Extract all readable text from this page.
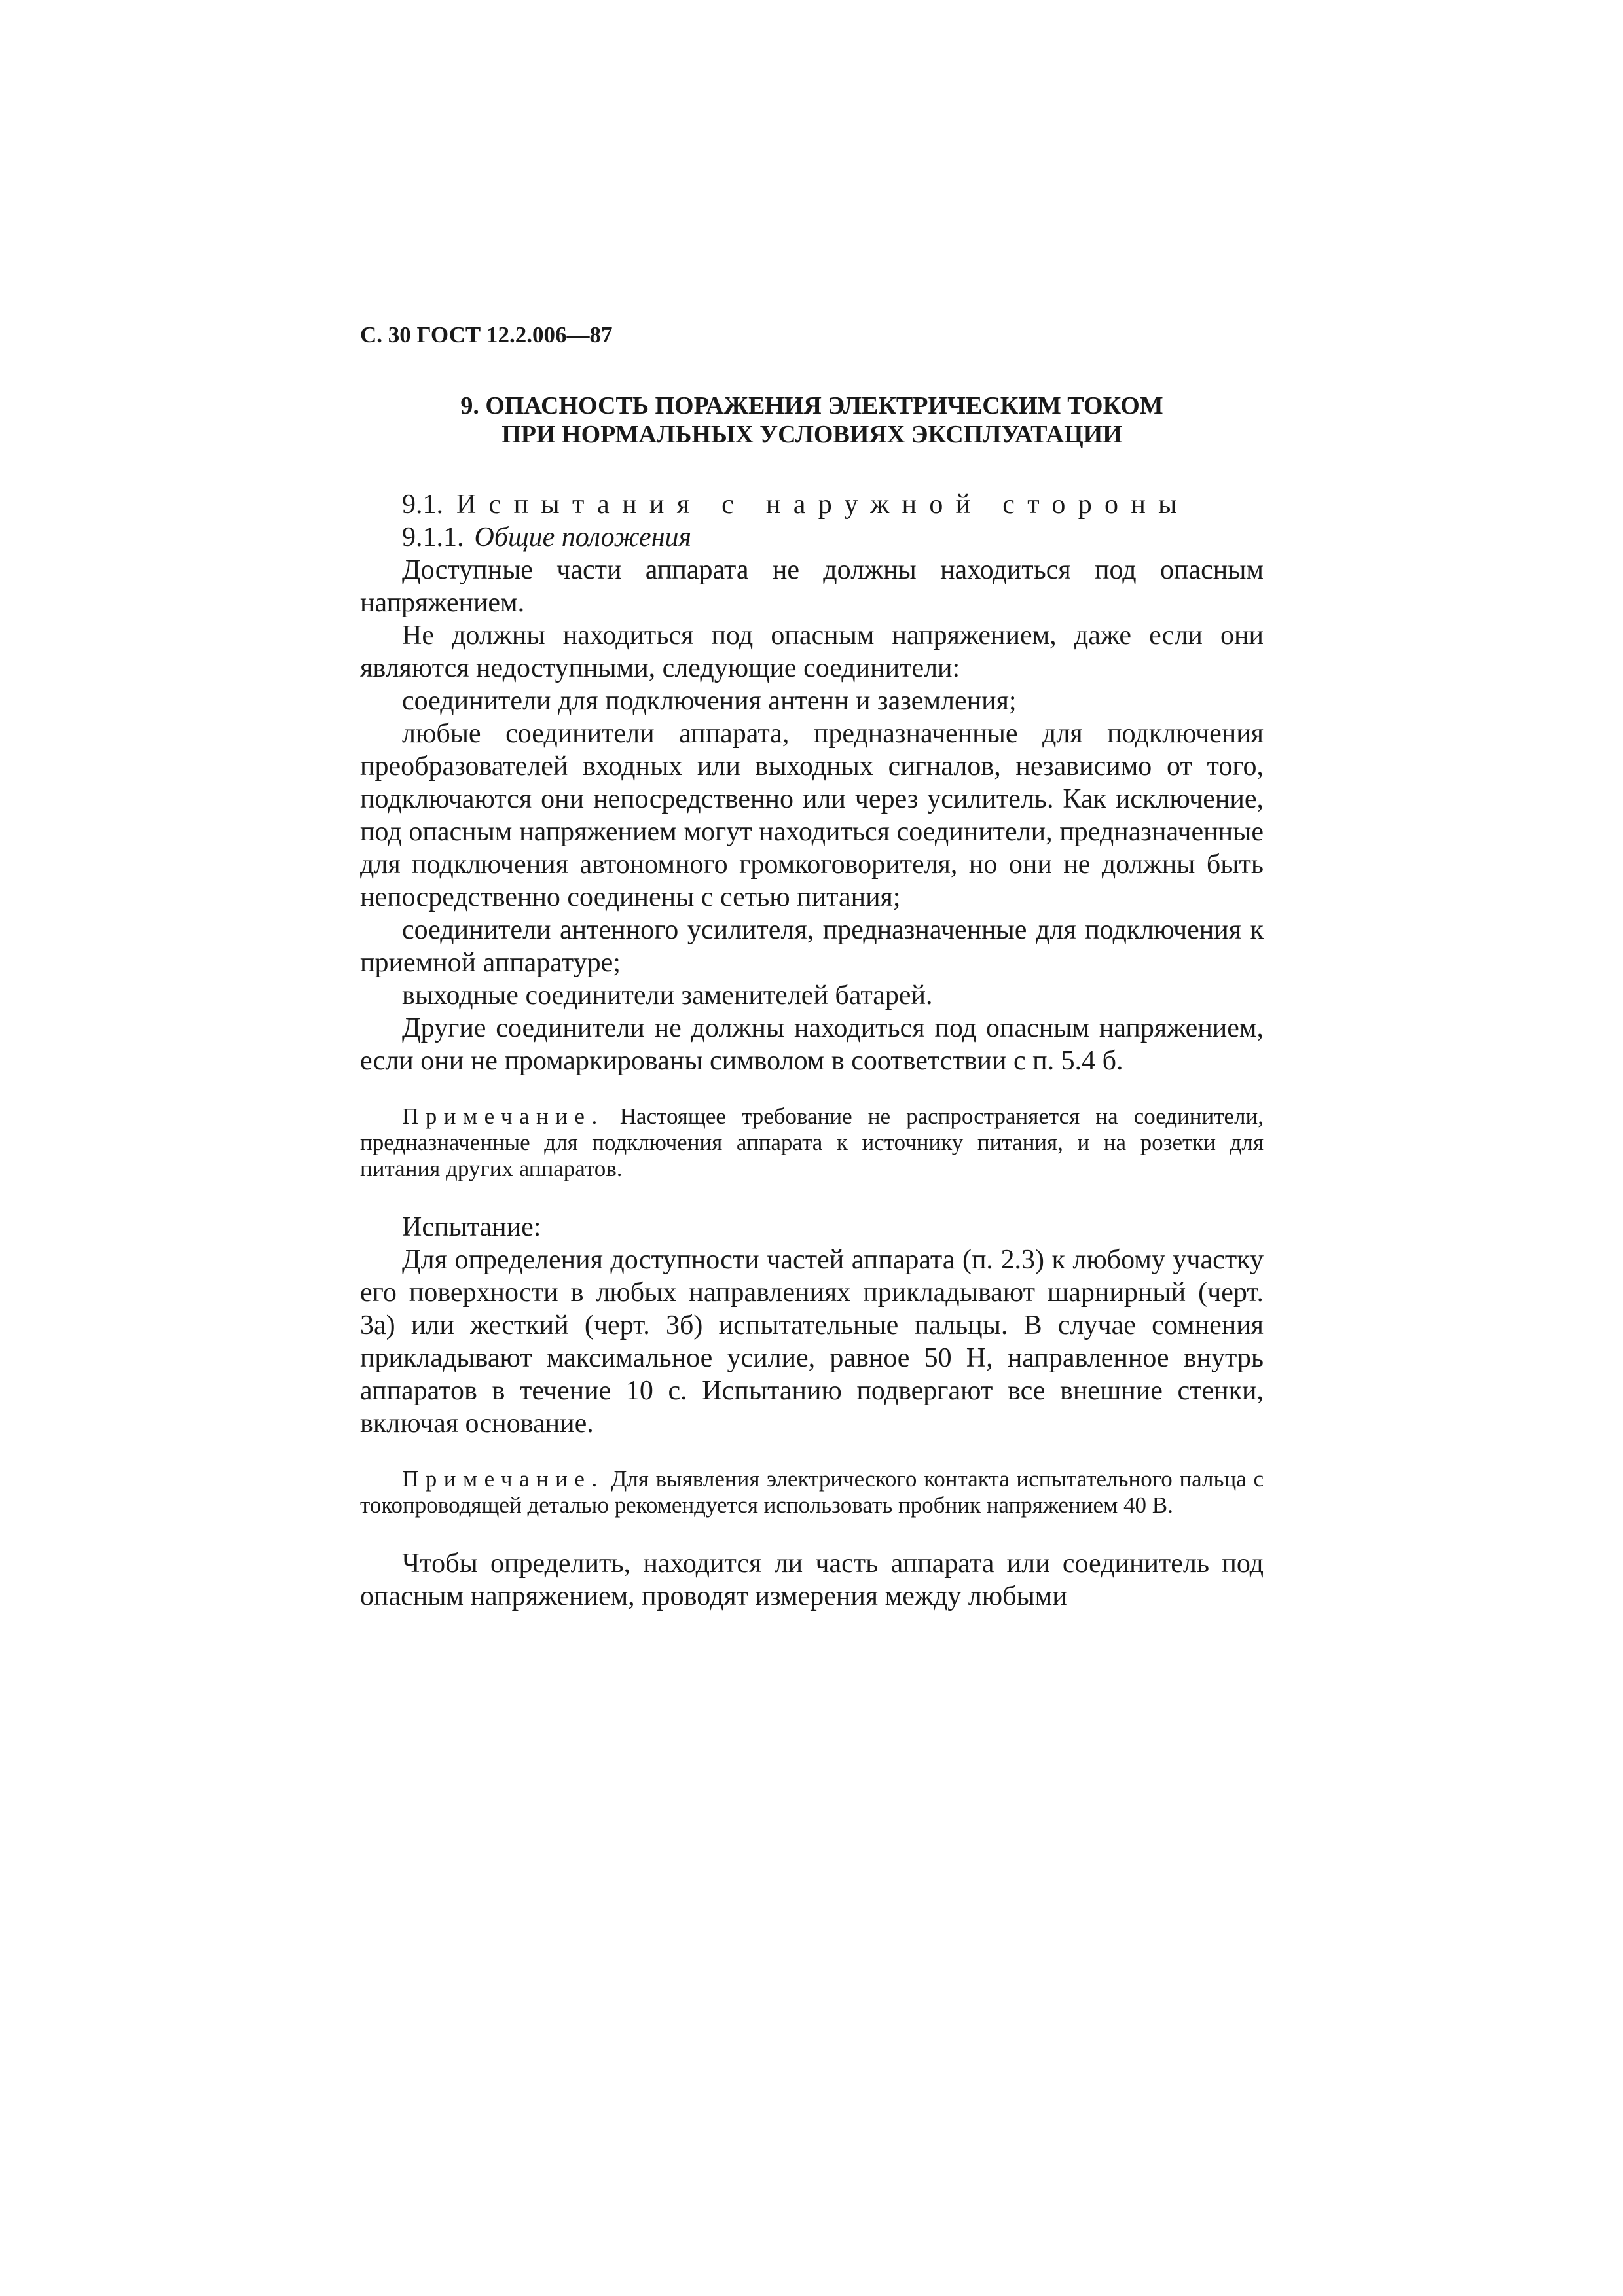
С. 30 ГОСТ 12.2.006—87
9. ОПАСНОСТЬ ПОРАЖЕНИЯ ЭЛЕКТРИЧЕСКИМ ТОКОМ
ПРИ НОРМАЛЬНЫХ УСЛОВИЯХ ЭКСПЛУАТАЦИИ
9.1. Испытания с наружной стороны
9.1.1. Общие положения

Доступные части аппарата не должны находиться под опасным напряжением.

Не должны находиться под опасным напряжением, даже если они являются недоступными, следующие соединители:

соединители для подключения антенн и заземления;

любые соединители аппарата, предназначенные для подключения преобразователей входных или выходных сигналов, независимо от того, подключаются они непосредственно или через усилитель. Как исключение, под опасным напряжением могут находиться соединители, предназначенные для подключения автономного громкоговорителя, но они не должны быть непосредственно соединены с сетью питания;

соединители антенного усилителя, предназначенные для подключения к приемной аппаратуре;

выходные соединители заменителей батарей.

Другие соединители не должны находиться под опасным напряжением, если они не промаркированы символом в соответствии с п. 5.4 б.

Примечание. Настоящее требование не распространяется на соединители, предназначенные для подключения аппарата к источнику питания, и на розетки для питания других аппаратов.

Испытание:

Для определения доступности частей аппарата (п. 2.3) к любому участку его поверхности в любых направлениях прикладывают шарнирный (черт. 3а) или жесткий (черт. 3б) испытательные пальцы. В случае сомнения прикладывают максимальное усилие, равное 50 Н, направленное внутрь аппаратов в течение 10 с. Испытанию подвергают все внешние стенки, включая основание.

Примечание. Для выявления электрического контакта испытательного пальца с токопроводящей деталью рекомендуется использовать пробник напряжением 40 В.

Чтобы определить, находится ли часть аппарата или соединитель под опасным напряжением, проводят измерения между любыми
